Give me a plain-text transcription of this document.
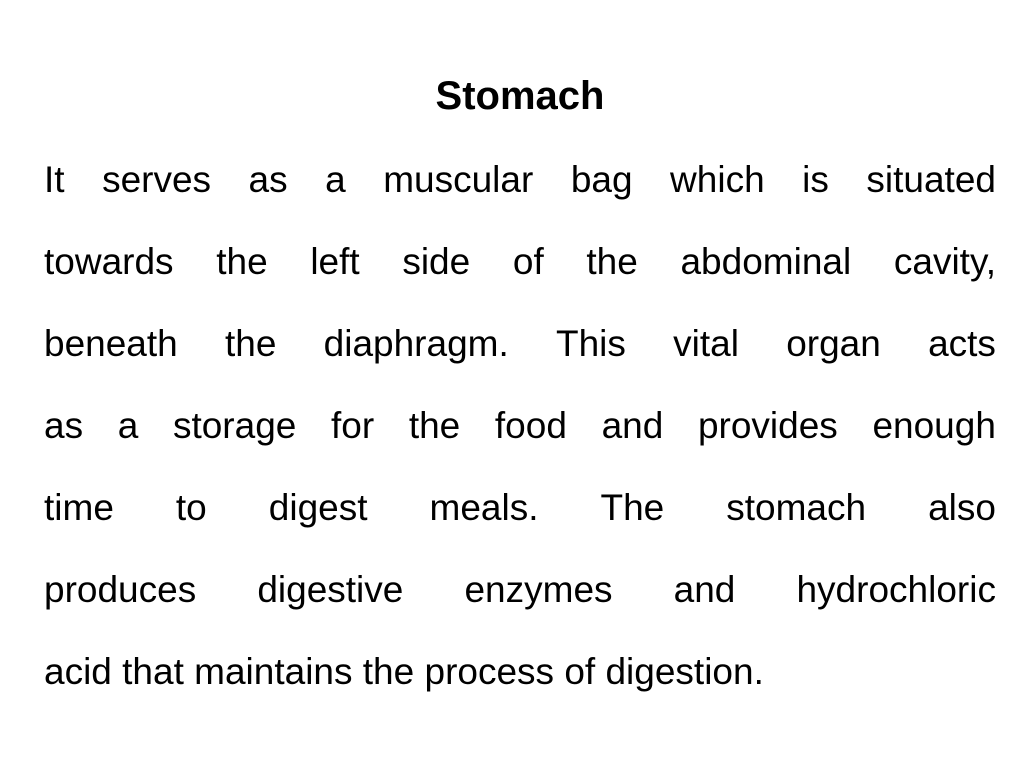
Stomach
It serves as a muscular bag which is situated
towards the left side of the abdominal cavity,
beneath the diaphragm. This vital organ acts
as a storage for the food and provides enough
time to digest meals. The stomach also
produces digestive enzymes and hydrochloric
acid that maintains the process of digestion.
